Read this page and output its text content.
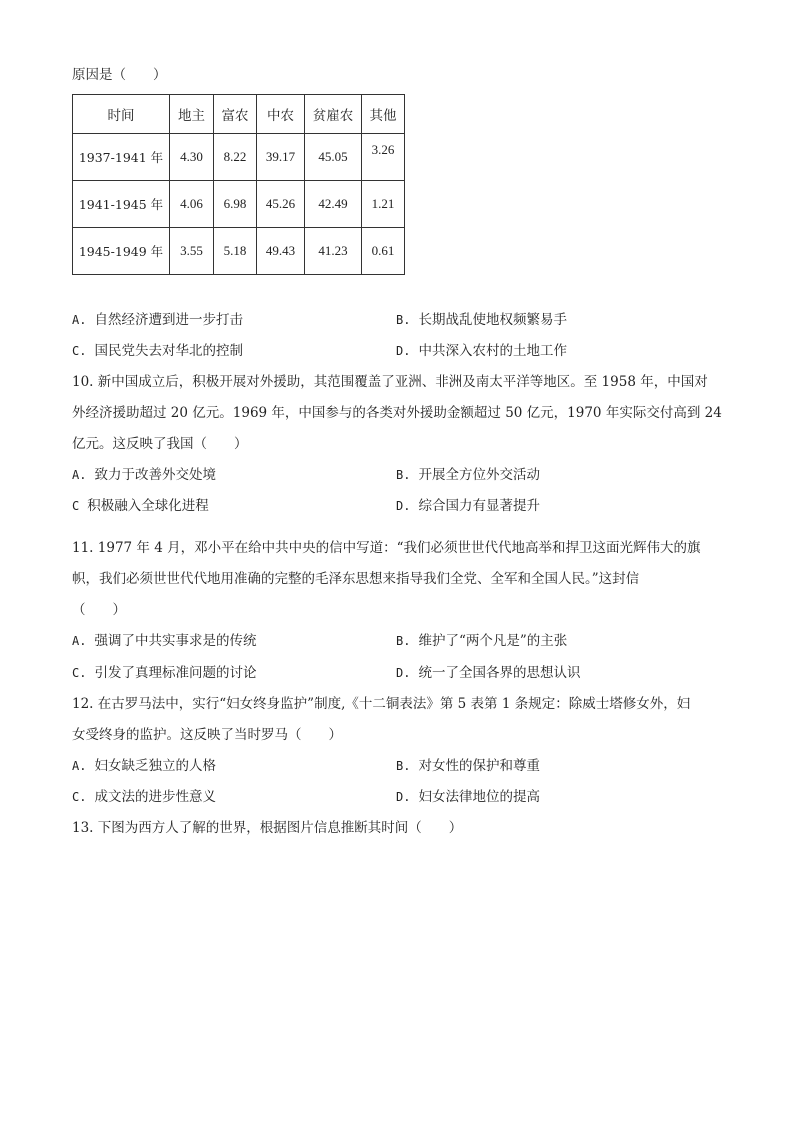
原因是（　　）
时间	地主	富农	中农	贫雇农	其他
1937-1941 年	4.30	8.22	39.17	45.05	3.26
1941-1945 年	4.06	6.98	45.26	42.49	1.21
1945-1949 年	3.55	5.18	49.43	41.23	0.61
A. 自然经济遭到进一步打击	B. 长期战乱使地权频繁易手
C. 国民党失去对华北的控制	D. 中共深入农村的土地工作
10. 新中国成立后，积极开展对外援助，其范围覆盖了亚洲、非洲及南太平洋等地区。至 1958 年，中国对
外经济援助超过 20 亿元。1969 年，中国参与的各类对外援助金额超过 50 亿元，1970 年实际交付高到 24
亿元。这反映了我国（　　）
A. 致力于改善外交处境	B. 开展全方位外交活动
C 积极融入全球化进程	D. 综合国力有显著提升
11. 1977 年 4 月，邓小平在给中共中央的信中写道：“我们必须世世代代地高举和捍卫这面光辉伟大的旗
帜，我们必须世世代代地用准确的完整的毛泽东思想来指导我们全党、全军和全国人民。”这封信
（　　）
A. 强调了中共实事求是的传统	B. 维护了“两个凡是”的主张
C. 引发了真理标准问题的讨论	D. 统一了全国各界的思想认识
12. 在古罗马法中，实行“妇女终身监护”制度,《十二铜表法》第 5 表第 1 条规定：除威士塔修女外，妇
女受终身的监护。这反映了当时罗马（　　）
A. 妇女缺乏独立的人格	B. 对女性的保护和尊重
C. 成文法的进步性意义	D. 妇女法律地位的提高
13. 下图为西方人了解的世界，根据图片信息推断其时间（　　）
